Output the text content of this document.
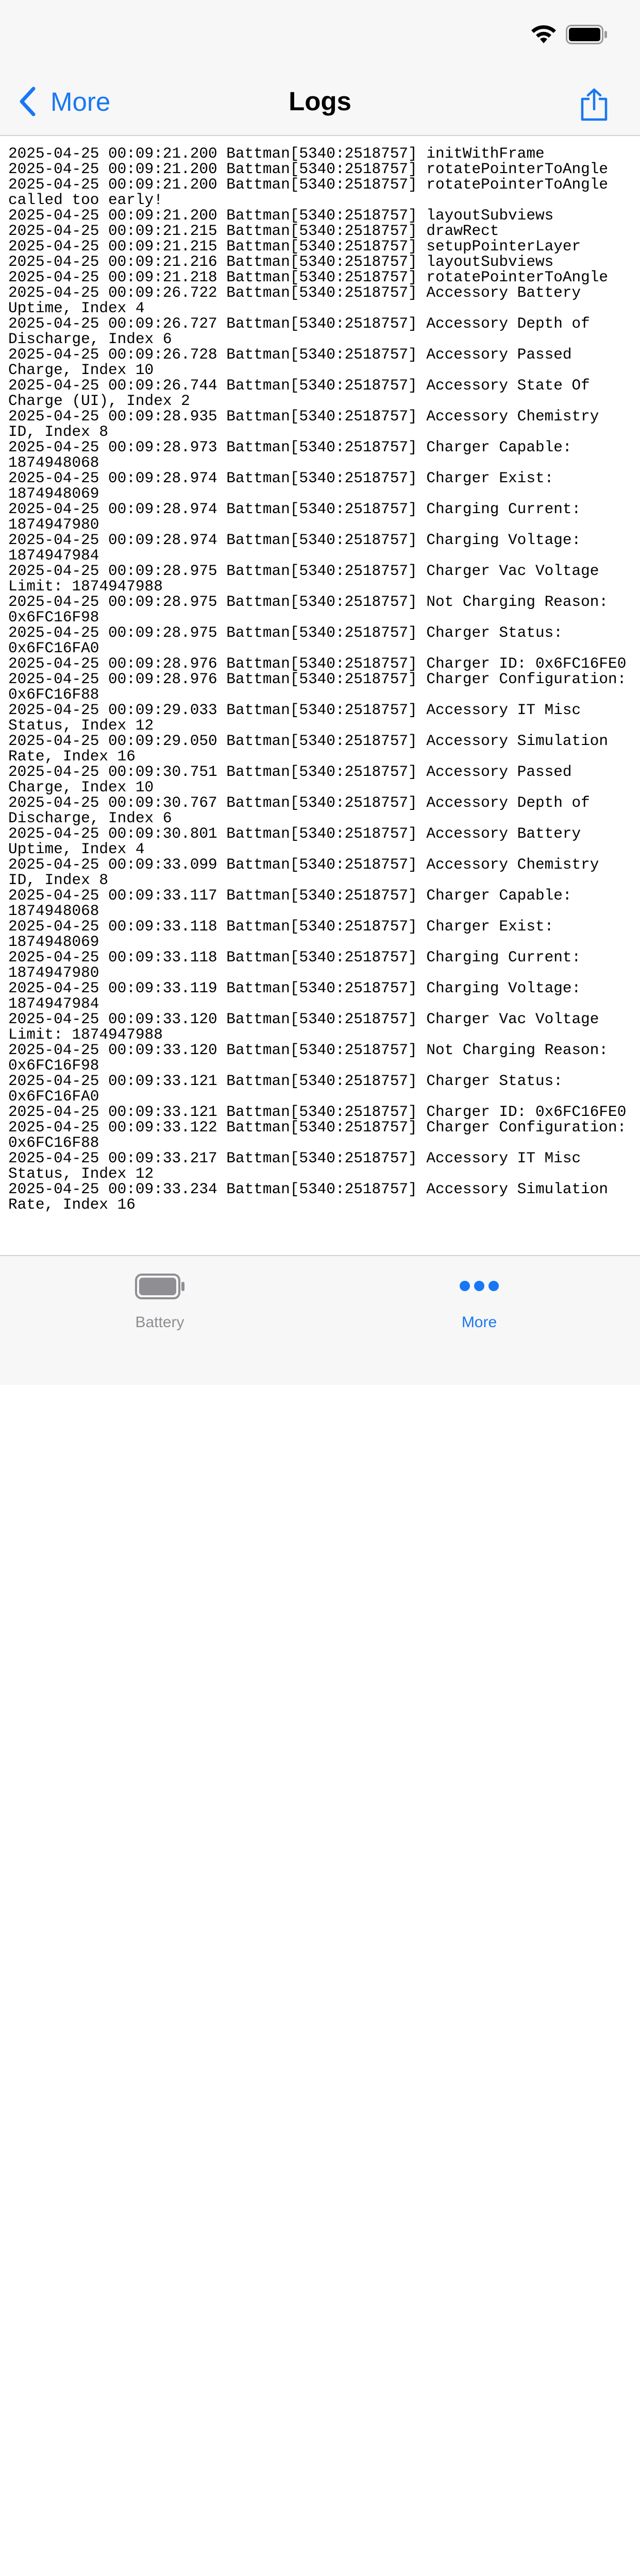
More	Logs
2025-04-25 00:09:21.200 Battman[5340:2518757] initWithFrame
2025-04-25 00:09:21.200 Battman[5340:2518757] rotatePointerToAngle
2025-04-25 00:09:21.200 Battman[5340:2518757] rotatePointerToAngle called too early!
2025-04-25 00:09:21.200 Battman[5340:2518757] layoutSubviews
2025-04-25 00:09:21.215 Battman[5340:2518757] drawRect
2025-04-25 00:09:21.215 Battman[5340:2518757] setupPointerLayer
2025-04-25 00:09:21.216 Battman[5340:2518757] layoutSubviews
2025-04-25 00:09:21.218 Battman[5340:2518757] rotatePointerToAngle
2025-04-25 00:09:26.722 Battman[5340:2518757] Accessory Battery Uptime, Index 4
2025-04-25 00:09:26.727 Battman[5340:2518757] Accessory Depth of Discharge, Index 6
2025-04-25 00:09:26.728 Battman[5340:2518757] Accessory Passed Charge, Index 10
2025-04-25 00:09:26.744 Battman[5340:2518757] Accessory State Of Charge (UI), Index 2
2025-04-25 00:09:28.935 Battman[5340:2518757] Accessory Chemistry ID, Index 8
2025-04-25 00:09:28.973 Battman[5340:2518757] Charger Capable: 1874948068
2025-04-25 00:09:28.974 Battman[5340:2518757] Charger Exist: 1874948069
2025-04-25 00:09:28.974 Battman[5340:2518757] Charging Current: 1874947980
2025-04-25 00:09:28.974 Battman[5340:2518757] Charging Voltage: 1874947984
2025-04-25 00:09:28.975 Battman[5340:2518757] Charger Vac Voltage Limit: 1874947988
2025-04-25 00:09:28.975 Battman[5340:2518757] Not Charging Reason: 0x6FC16F98
2025-04-25 00:09:28.975 Battman[5340:2518757] Charger Status: 0x6FC16FA0
2025-04-25 00:09:28.976 Battman[5340:2518757] Charger ID: 0x6FC16FE0
2025-04-25 00:09:28.976 Battman[5340:2518757] Charger Configuration: 0x6FC16F88
2025-04-25 00:09:29.033 Battman[5340:2518757] Accessory IT Misc Status, Index 12
2025-04-25 00:09:29.050 Battman[5340:2518757] Accessory Simulation Rate, Index 16
2025-04-25 00:09:30.751 Battman[5340:2518757] Accessory Passed Charge, Index 10
2025-04-25 00:09:30.767 Battman[5340:2518757] Accessory Depth of Discharge, Index 6
2025-04-25 00:09:30.801 Battman[5340:2518757] Accessory Battery Uptime, Index 4
2025-04-25 00:09:33.099 Battman[5340:2518757] Accessory Chemistry ID, Index 8
2025-04-25 00:09:33.117 Battman[5340:2518757] Charger Capable: 1874948068
2025-04-25 00:09:33.118 Battman[5340:2518757] Charger Exist: 1874948069
2025-04-25 00:09:33.118 Battman[5340:2518757] Charging Current: 1874947980
2025-04-25 00:09:33.119 Battman[5340:2518757] Charging Voltage: 1874947984
2025-04-25 00:09:33.120 Battman[5340:2518757] Charger Vac Voltage Limit: 1874947988
2025-04-25 00:09:33.120 Battman[5340:2518757] Not Charging Reason: 0x6FC16F98
2025-04-25 00:09:33.121 Battman[5340:2518757] Charger Status: 0x6FC16FA0
2025-04-25 00:09:33.121 Battman[5340:2518757] Charger ID: 0x6FC16FE0
2025-04-25 00:09:33.122 Battman[5340:2518757] Charger Configuration: 0x6FC16F88
2025-04-25 00:09:33.217 Battman[5340:2518757] Accessory IT Misc Status, Index 12
2025-04-25 00:09:33.234 Battman[5340:2518757] Accessory Simulation Rate, Index 16
Battery	More
